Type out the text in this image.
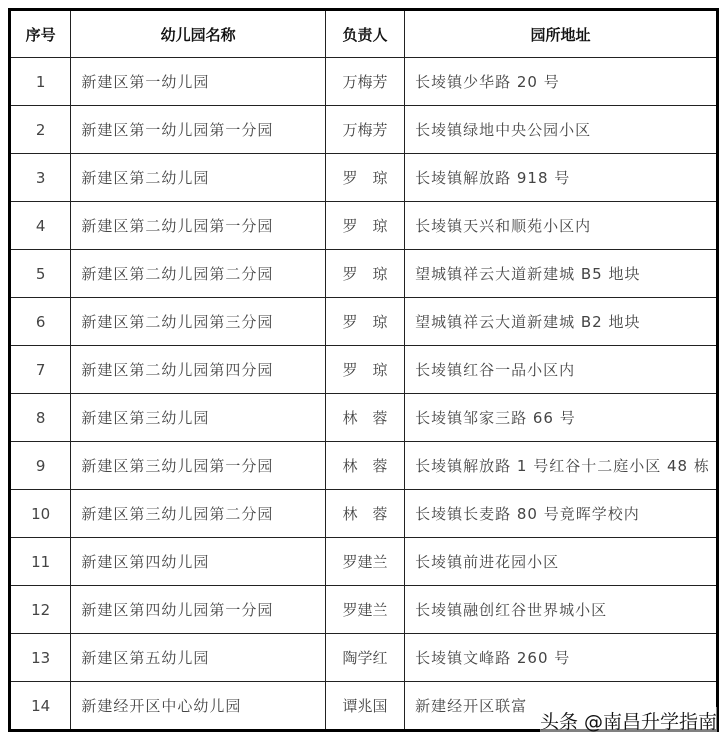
序号	幼儿园名称	负责人	园所地址
1	新建区第一幼儿园	万梅芳	长堎镇少华路 20 号
2	新建区第一幼儿园第一分园	万梅芳	长堎镇绿地中央公园小区
3	新建区第二幼儿园	罗　琼	长堎镇解放路 918 号
4	新建区第二幼儿园第一分园	罗　琼	长堎镇天兴和顺苑小区内
5	新建区第二幼儿园第二分园	罗　琼	望城镇祥云大道新建城 B5 地块
6	新建区第二幼儿园第三分园	罗　琼	望城镇祥云大道新建城 B2 地块
7	新建区第二幼儿园第四分园	罗　琼	长堎镇红谷一品小区内
8	新建区第三幼儿园	林　蓉	长堎镇邹家三路 66 号
9	新建区第三幼儿园第一分园	林　蓉	长堎镇解放路 1 号红谷十二庭小区 48 栋
10	新建区第三幼儿园第二分园	林　蓉	长堎镇长麦路 80 号竟晖学校内
11	新建区第四幼儿园	罗建兰	长堎镇前进花园小区
12	新建区第四幼儿园第一分园	罗建兰	长堎镇融创红谷世界城小区
13	新建区第五幼儿园	陶学红	长堎镇文峰路 260 号
14	新建经开区中心幼儿园	谭兆国	新建经开区联富
头条 @南昌升学指南
